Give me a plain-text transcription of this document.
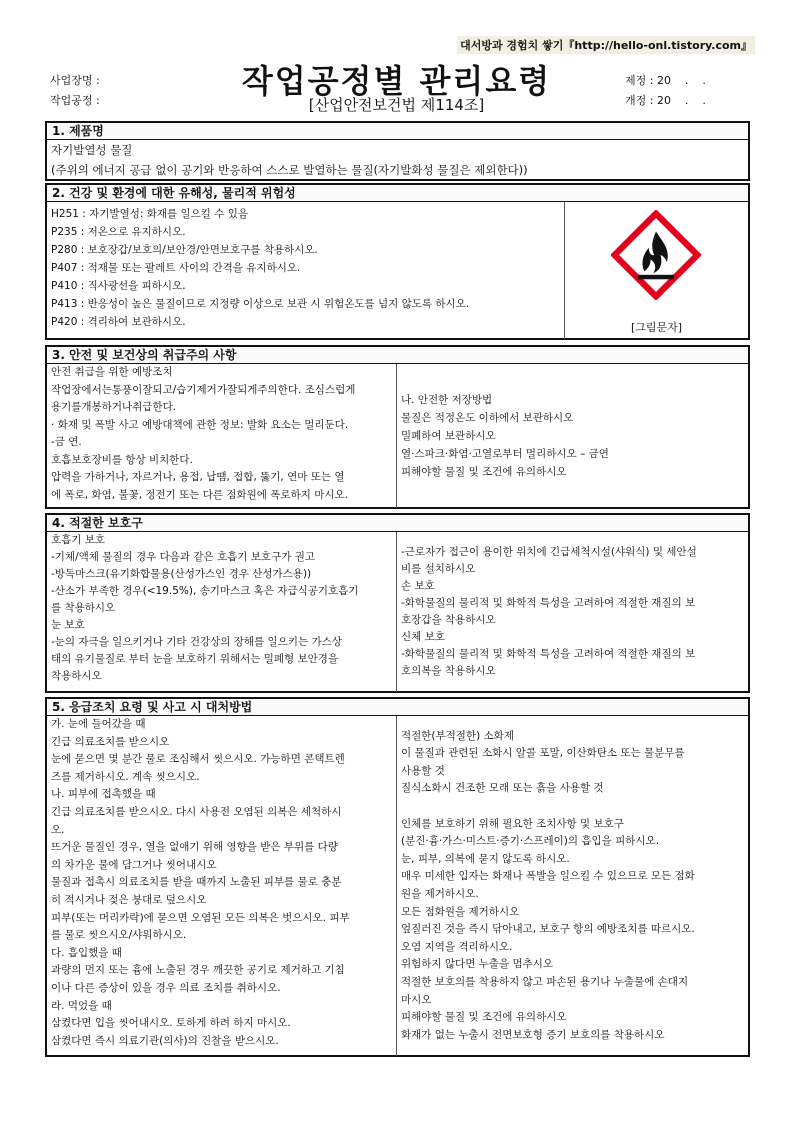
대서방과 경험치 쌓기『http://hello-onl.tistory.com』
사업장명 :
작업공정 :
작업공정별 관리요령
[산업안전보건법 제114조]
제정 : 20    .    .
개정 : 20    .    .
1. 제품명
자기발열성 물질
(주위의 에너지 공급 없이 공기와 반응하여 스스로 발열하는 물질(자기발화성 물질은 제외한다))
2. 건강 및 환경에 대한 유해성, 물리적 위험성
H251 : 자기발열성: 화재를 일으킬 수 있음
P235 : 저온으로 유지하시오.
P280 : 보호장갑/보호의/보안경/안면보호구를 착용하시오.
P407 : 적재물 또는 팔레트 사이의 간격을 유지하시오.
P410 : 직사광선을 피하시오.
P413 : 반응성이 높은 물질이므로 지정량 이상으로 보관 시 위험온도를 넘지 않도록 하시오.
P420 : 격리하여 보관하시오.	[그림문자]
3. 안전 및 보건상의 취급주의 사항
안전 취급을 위한 예방조치
작업장에서는통풍이잘되고/습기제거가잘되게주의한다. 조심스럽게
용기를개봉하거나취급한다.
· 화재 및 폭발 사고 예방대책에 관한 정보: 발화 요소는 멀리둔다.
-금 연.
호흡보호장비를 항상 비치한다.
압력을 가하거나, 자르거나, 용접, 납땜, 접합, 뚫기, 연마 또는 열
에 폭로, 화염, 불꽃, 정전기 또는 다른 점화원에 폭로하지 마시오.
나. 안전한 저장방법
물질은 적정온도 이하에서 보관하시오
밀폐하여 보관하시오
열·스파크·화염·고열로부터 멀리하시오 – 금연
피해야할 물질 및 조건에 유의하시오
4. 적절한 보호구
호흡기 보호
-기체/액체 물질의 경우 다음과 같은 호흡기 보호구가 권고
-방독마스크(유기화합물용(산성가스인 경우 산성가스용))
-산소가 부족한 경우(<19.5%), 송기마스크 혹은 자급식공기호흡기
를 착용하시오
눈 보호
-눈의 자극을 일으키거나 기타 건강상의 장해를 일으키는 가스상
태의 유기물질로 부터 눈을 보호하기 위해서는 밀폐형 보안경을
착용하시오
-근로자가 접근이 용이한 위치에 긴급세척시설(샤워식) 및 세안설
비를 설치하시오
손 보호
-화학물질의 물리적 및 화학적 특성을 고려하여 적절한 재질의 보
호장갑을 착용하시오
신체 보호
-화학물질의 물리적 및 화학적 특성을 고려하여 적절한 재질의 보
호의복을 착용하시오
5. 응급조치 요령 및 사고 시 대처방법
가. 눈에 들어갔을 때
긴급 의료조치를 받으시오
눈에 묻으면 몇 분간 물로 조심해서 씻으시오. 가능하면 콘택트렌
즈를 제거하시오. 계속 씻으시오.
나. 피부에 접촉했을 때
긴급 의료조치를 받으시오. 다시 사용전 오염된 의복은 세척하시
오.
뜨거운 물질인 경우, 열을 없애기 위해 영향을 받은 부위를 다량
의 차가운 물에 담그거나 씻어내시오
물질과 접촉시 의료조치를 받을 때까지 노출된 피부를 물로 충분
히 적시거나 젖은 붕대로 덮으시오
피부(또는 머리카락)에 묻으면 오염된 모든 의복은 벗으시오. 피부
를 물로 씻으시오/샤워하시오.
다. 흡입했을 때
과량의 먼지 또는 흄에 노출된 경우 깨끗한 공기로 제거하고 기침
이나 다른 증상이 있을 경우 의료 조치를 취하시오.
라. 먹었을 때
삼켰다면 입을 씻어내시오. 토하게 하려 하지 마시오.
삼켰다면 즉시 의료기관(의사)의 진찰을 받으시오.
적절한(부적절한) 소화제
이 물질과 관련된 소화시 알콜 포말, 이산화탄소 또는 물분무를
사용할 것
질식소화시 건조한 모래 또는 흙을 사용할 것
인체를 보호하기 위해 필요한 조치사항 및 보호구
(분진·흄·가스·미스트·증기·스프레이)의 흡입을 피하시오.
눈, 피부, 의복에 묻지 않도록 하시오.
매우 미세한 입자는 화재나 폭발을 일으킬 수 있으므로 모든 점화
원을 제거하시오.
모든 점화원을 제거하시오
엎질러진 것을 즉시 닦아내고, 보호구 항의 예방조치를 따르시오.
오염 지역을 격리하시오.
위험하지 않다면 누출을 멈추시오
적절한 보호의를 착용하지 않고 파손된 용기나 누출물에 손대지
마시오
피해야할 물질 및 조건에 유의하시오
화재가 없는 누출시 전면보호형 증기 보호의를 착용하시오
